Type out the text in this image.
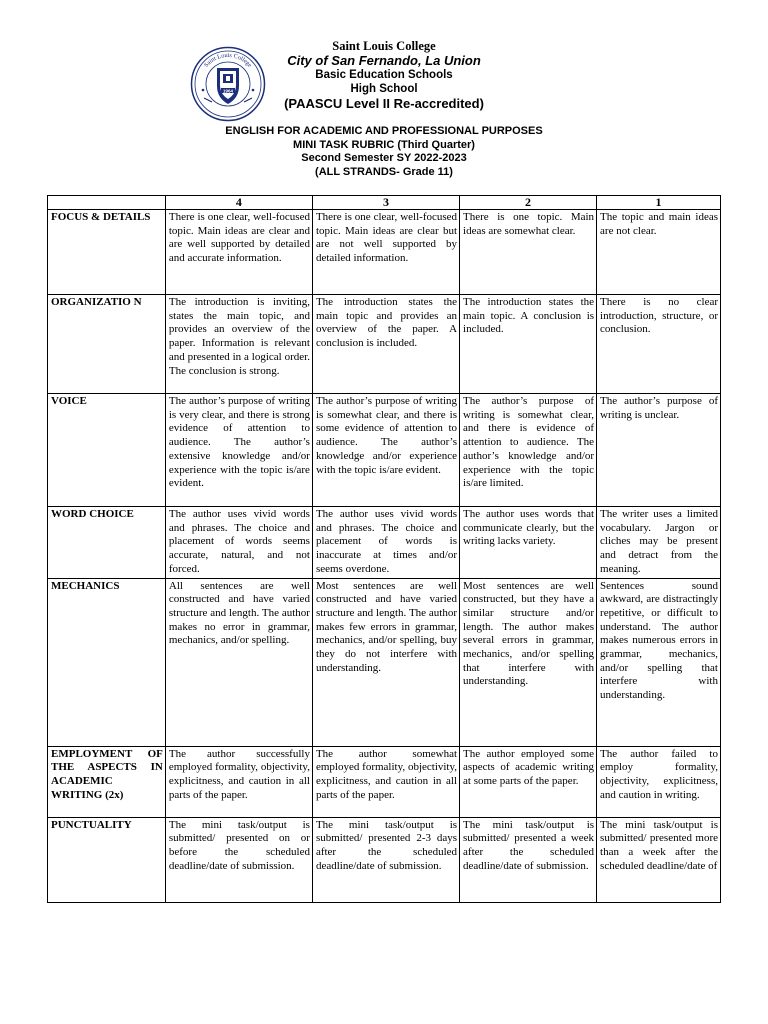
Saint Louis College
1964
Saint Louis College
City of San Fernando, La Union
Basic Education Schools
High School
(PAASCU Level II Re-accredited)
ENGLISH FOR ACADEMIC AND PROFESSIONAL PURPOSES
MINI TASK RUBRIC (Third Quarter)
Second Semester SY 2022-2023
(ALL STRANDS- Grade 11)
	4	3	2	1
FOCUS & DETAILS	There is one clear, well-focused topic. Main ideas are clear and are well supported by detailed and accurate information.	There is one clear, well-focused topic. Main ideas are clear but are not well supported by detailed information.	There is one topic. Main ideas are somewhat clear.	The topic and main ideas are not clear.
ORGANIZATIO N	The introduction is inviting, states the main topic, and provides an overview of the paper. Information is relevant and presented in a logical order. The conclusion is strong.	The introduction states the main topic and provides an overview of the paper. A conclusion is included.	The introduction states the main topic. A conclusion is included.	There is no clear introduction, structure, or conclusion.
VOICE	The author’s purpose of writing is very clear, and there is strong evidence of attention to audience. The author’s extensive knowledge and/or experience with the topic is/are evident.	The author’s purpose of writing is somewhat clear, and there is some evidence of attention to audience. The author’s knowledge and/or experience with the topic is/are evident.	The author’s purpose of writing is somewhat clear, and there is evidence of attention to audience. The author’s knowledge and/or experience with the topic is/are limited.	The author’s purpose of writing is unclear.
WORD CHOICE	The author uses vivid words and phrases. The choice and placement of words seems accurate, natural, and not forced.	The author uses vivid words and phrases. The choice and placement of words is inaccurate at times and/or seems overdone.	The author uses words that communicate clearly, but the writing lacks variety.	The writer uses a limited vocabulary. Jargon or cliches may be present and detract from the meaning.
MECHANICS	All sentences are well constructed and have varied structure and length. The author makes no error in grammar, mechanics, and/or spelling.	Most sentences are well constructed and have varied structure and length. The author makes few errors in grammar, mechanics, and/or spelling, buy they do not interfere with understanding.	Most sentences are well constructed, but they have a similar structure and/or length. The author makes several errors in grammar, mechanics, and/or spelling that interfere with understanding.	Sentences sound awkward, are distractingly repetitive, or difficult to understand. The author makes numerous errors in grammar, mechanics, and/or spelling that interfere with understanding.
EMPLOYMENT OF THE ASPECTS IN ACADEMIC WRITING (2x)	The author successfully employed formality, objectivity, explicitness, and caution in all parts of the paper.	The author somewhat employed formality, objectivity, explicitness, and caution in all parts of the paper.	The author employed some aspects of academic writing at some parts of the paper.	The author failed to employ formality, objectivity, explicitness, and caution in writing.
PUNCTUALITY	The mini task/output is submitted/ presented on or before the scheduled deadline/date of submission.	The mini task/output is submitted/ presented 2-3 days after the scheduled deadline/date of submission.	The mini task/output is submitted/ presented a week after the scheduled deadline/date of submission.	The mini task/output is submitted/ presented more than a week after the scheduled deadline/date of
